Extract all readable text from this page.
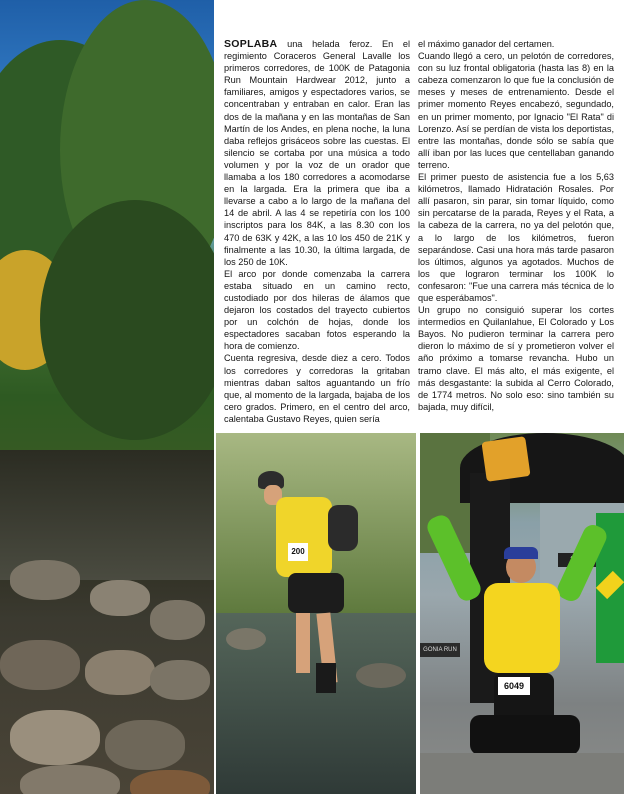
SOPLABA una helada feroz. En el regimiento Coraceros General Lavalle los primeros corredores, de 100K de Patagonia Run Mountain Hardwear 2012, junto a familiares, amigos y espectadores varios, se concentraban y entraban en calor. Eran las dos de la mañana y en las montañas de San Martín de los Andes, en plena noche, la luna daba reflejos grisáceos sobre las cuestas. El silencio se cortaba por una música a todo volumen y por la voz de un orador que llamaba a los 180 corredores a acomodarse en la largada. Era la primera que iba a llevarse a cabo a lo largo de la mañana del 14 de abril. A las 4 se repetiría con los 100 inscriptos para los 84K, a las 8.30 con los 470 de 63K y 42K, a las 10 los 450 de 21K y finalmente a las 10.30, la última largada, de los 250 de 10K.

El arco por donde comenzaba la carrera estaba situado en un camino recto, custodiado por dos hileras de álamos que dejaron los costados del trayecto cubiertos por un colchón de hojas, donde los espectadores sacaban fotos esperando la hora de comienzo.

Cuenta regresiva, desde diez a cero. Todos los corredores y corredoras la gritaban mientras daban saltos aguantando un frío que, al momento de la largada, bajaba de los cero grados. Primero, en el centro del arco, calentaba Gustavo Reyes, quien sería

el máximo ganador del certamen.

Cuando llegó a cero, un pelotón de corredores, con su luz frontal obligatoria (hasta las 8) en la cabeza comenzaron lo que fue la conclusión de meses y meses de entrenamiento. Desde el primer momento Reyes encabezó, segundado, en un primer momento, por Ignacio "El Rata" di Lorenzo. Así se perdían de vista los deportistas, entre las montañas, donde sólo se sabía que allí iban por las luces que centellaban ganando terreno.

El primer puesto de asistencia fue a los 5,63 kilómetros, llamado Hidratación Rosales. Por allí pasaron, sin parar, sin tomar líquido, como sin percatarse de la parada, Reyes y el Rata, a la cabeza de la carrera, no ya del pelotón que, a lo largo de los kilómetros, fueron separándose. Casi una hora más tarde pasaron los últimos, algunos ya agotados. Muchos de los que lograron terminar los 100K lo confesaron: "Fue una carrera más técnica de lo que esperábamos".

Un grupo no consiguió superar los cortes intermedios en Quilanlahue, El Colorado y Los Bayos. No pudieron terminar la carrera pero dieron lo máximo de sí y prometieron volver el año próximo a tomarse revancha. Hubo un tramo clave. El más alto, el más exigente, el más desgastante: la subida al Cerro Colorado, de 1774 metros. No solo eso: sino también su bajada, muy difícil,

200
GONIA RUN
6049
